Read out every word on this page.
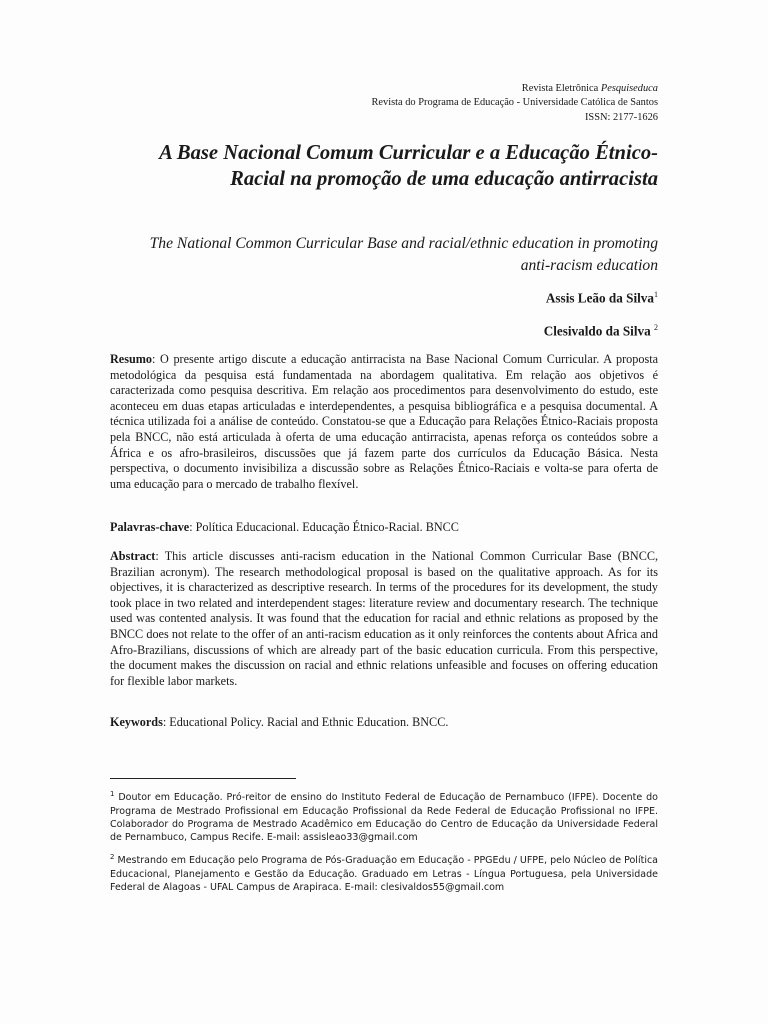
Revista Eletrônica Pesquiseduca
Revista do Programa de Educação - Universidade Católica de Santos
ISSN: 2177-1626
A Base Nacional Comum Curricular e a Educação Étnico-Racial na promoção de uma educação antirracista
The National Common Curricular Base and racial/ethnic education in promoting anti-racism education
Assis Leão da Silva$^1$
Clesivaldo da Silva $^2$
Resumo: O presente artigo discute a educação antirracista na Base Nacional Comum Curricular. A proposta metodológica da pesquisa está fundamentada na abordagem qualitativa. Em relação aos objetivos é caracterizada como pesquisa descritiva. Em relação aos procedimentos para desenvolvimento do estudo, este aconteceu em duas etapas articuladas e interdependentes, a pesquisa bibliográfica e a pesquisa documental. A técnica utilizada foi a análise de conteúdo. Constatou-se que a Educação para Relações Étnico-Raciais proposta pela BNCC, não está articulada à oferta de uma educação antirracista, apenas reforça os conteúdos sobre a África e os afro-brasileiros, discussões que já fazem parte dos currículos da Educação Básica. Nesta perspectiva, o documento invisibiliza a discussão sobre as Relações Étnico-Raciais e volta-se para oferta de uma educação para o mercado de trabalho flexível.
Palavras-chave: Política Educacional. Educação Étnico-Racial. BNCC
Abstract: This article discusses anti-racism education in the National Common Curricular Base (BNCC, Brazilian acronym). The research methodological proposal is based on the qualitative approach. As for its objectives, it is characterized as descriptive research. In terms of the procedures for its development, the study took place in two related and interdependent stages: literature review and documentary research. The technique used was contented analysis. It was found that the education for racial and ethnic relations as proposed by the BNCC does not relate to the offer of an anti-racism education as it only reinforces the contents about Africa and Afro-Brazilians, discussions of which are already part of the basic education curricula. From this perspective, the document makes the discussion on racial and ethnic relations unfeasible and focuses on offering education for flexible labor markets.
Keywords: Educational Policy. Racial and Ethnic Education. BNCC.
$^1$ Doutor em Educação. Pró-reitor de ensino do Instituto Federal de Educação de Pernambuco (IFPE). Docente do Programa de Mestrado Profissional em Educação Profissional da Rede Federal de Educação Profissional no IFPE. Colaborador do Programa de Mestrado Acadêmico em Educação do Centro de Educação da Universidade Federal de Pernambuco, Campus Recife. E-mail: assisleao33@gmail.com
$^2$ Mestrando em Educação pelo Programa de Pós-Graduação em Educação - PPGEdu / UFPE, pelo Núcleo de Política Educacional, Planejamento e Gestão da Educação. Graduado em Letras - Língua Portuguesa, pela Universidade Federal de Alagoas - UFAL Campus de Arapiraca. E-mail: clesivaldos55@gmail.com
